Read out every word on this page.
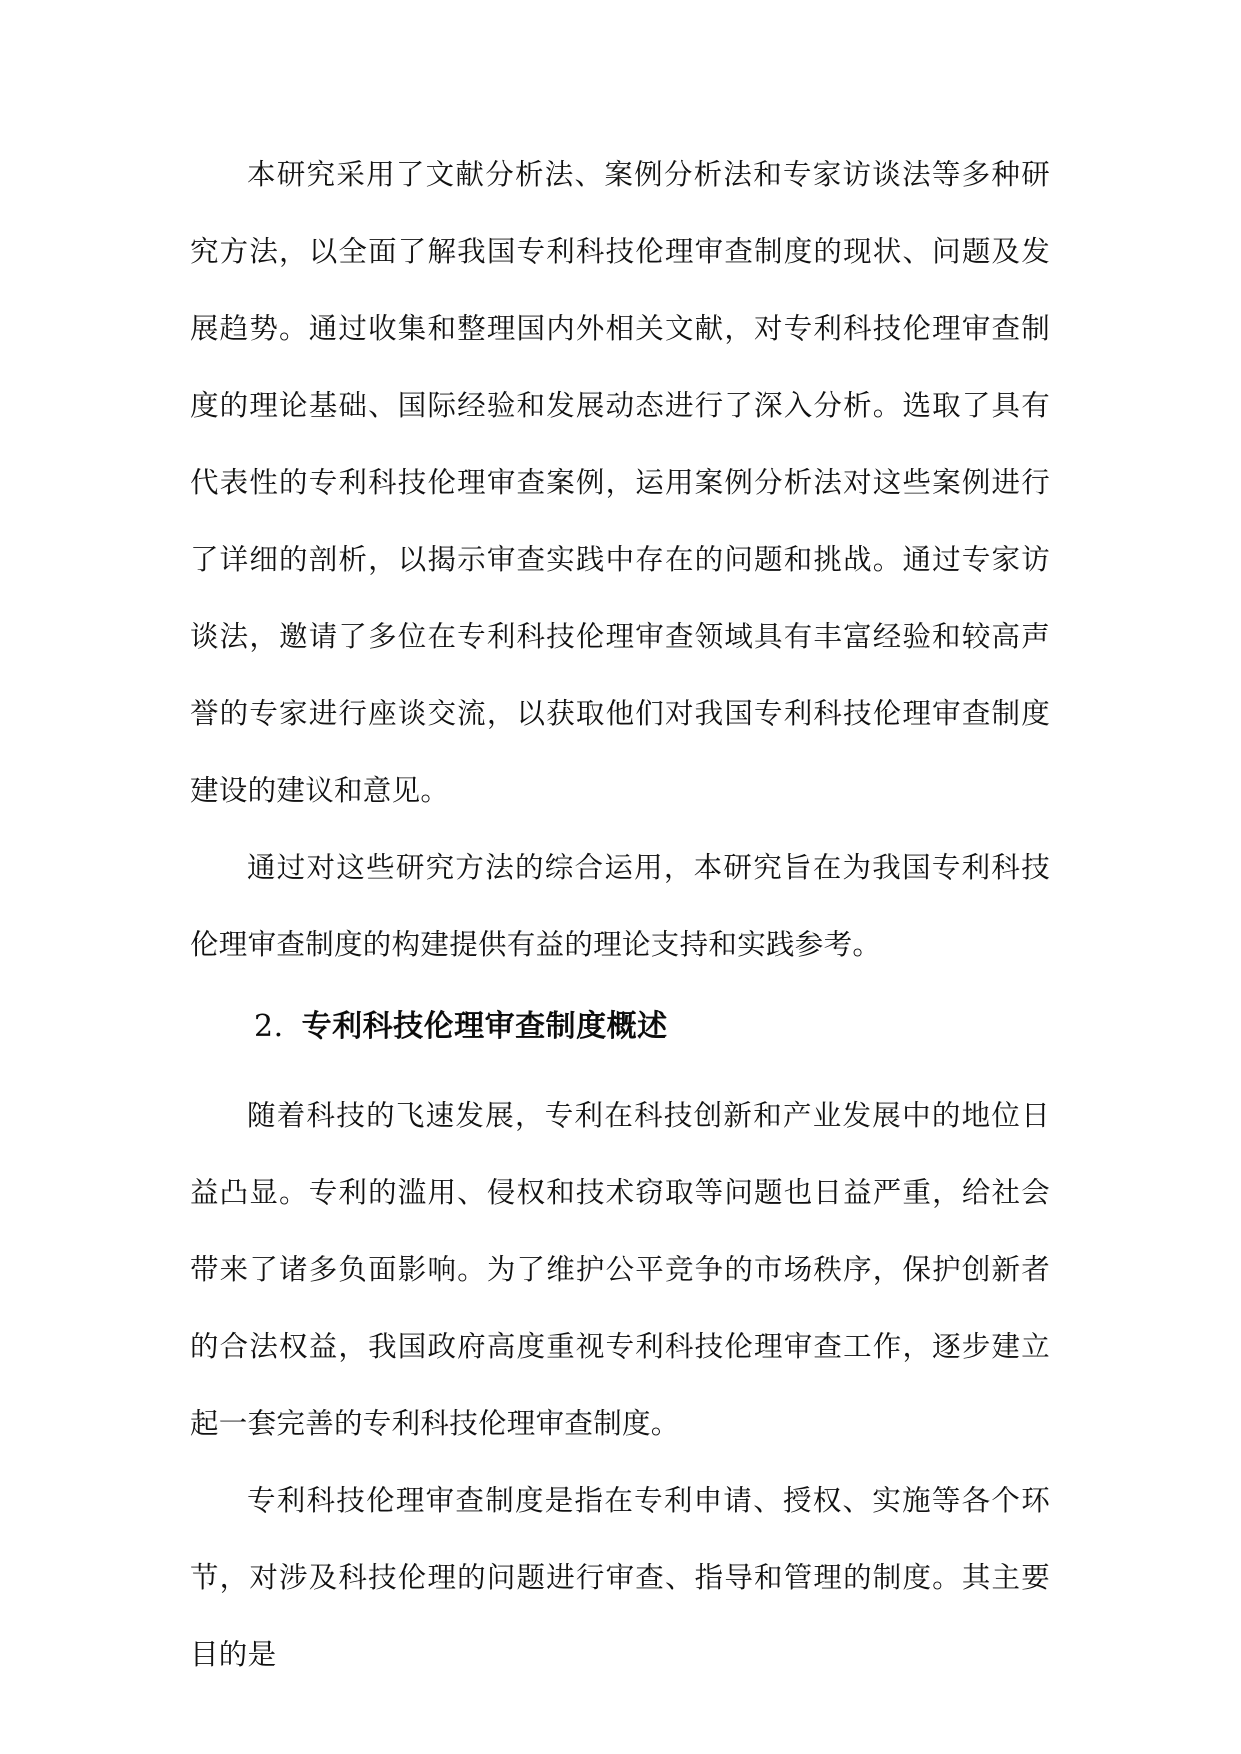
本研究采用了文献分析法、案例分析法和专家访谈法等多种研究方法，以全面了解我国专利科技伦理审查制度的现状、问题及发展趋势。通过收集和整理国内外相关文献，对专利科技伦理审查制度的理论基础、国际经验和发展动态进行了深入分析。选取了具有代表性的专利科技伦理审查案例，运用案例分析法对这些案例进行了详细的剖析，以揭示审查实践中存在的问题和挑战。通过专家访谈法，邀请了多位在专利科技伦理审查领域具有丰富经验和较高声誉的专家进行座谈交流，以获取他们对我国专利科技伦理审查制度建设的建议和意见。

通过对这些研究方法的综合运用，本研究旨在为我国专利科技伦理审查制度的构建提供有益的理论支持和实践参考。

2. 专利科技伦理审查制度概述

随着科技的飞速发展，专利在科技创新和产业发展中的地位日益凸显。专利的滥用、侵权和技术窃取等问题也日益严重，给社会带来了诸多负面影响。为了维护公平竞争的市场秩序，保护创新者的合法权益，我国政府高度重视专利科技伦理审查工作，逐步建立起一套完善的专利科技伦理审查制度。

专利科技伦理审查制度是指在专利申请、授权、实施等各个环节，对涉及科技伦理的问题进行审查、指导和管理的制度。其主要目的是
